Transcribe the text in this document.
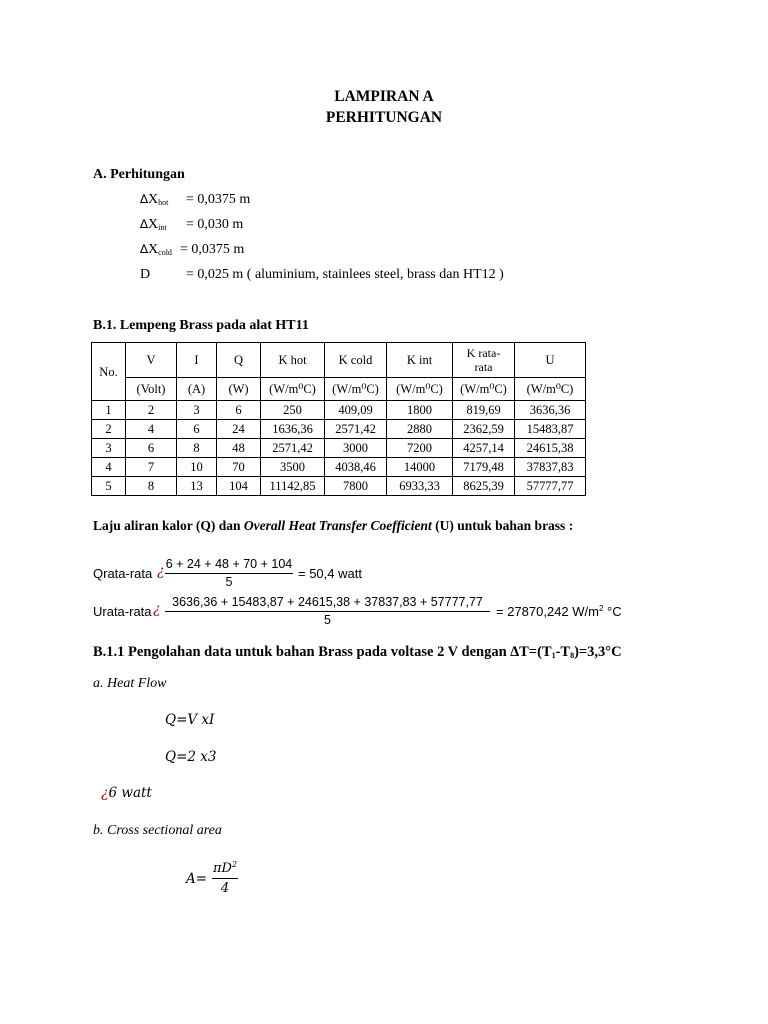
LAMPIRAN A
PERHITUNGAN
A. Perhitungan
$\Delta X_{hot} = 0,0375$ m
$\Delta X_{int} = 0,030$ m
$\Delta X_{cold} = 0,0375$ m
D	= 0,025 m ( aluminium, stainlees steel, brass dan HT12 )
B.1. Lempeng Brass pada alat HT11
No.	V	I	Q	K hot	K cold	K int	K rata-rata	U
	(Volt)	(A)	(W)	(W/m⁰C)	(W/m⁰C)	(W/m⁰C)	(W/m⁰C)	(W/m⁰C)
1	2	3	6	250	409,09	1800	819,69	3636,36
2	4	6	24	1636,36	2571,42	2880	2362,59	15483,87
3	6	8	48	2571,42	3000	7200	4257,14	24615,38
4	7	10	70	3500	4038,46	14000	7179,48	37837,83
5	8	13	104	11142,85	7800	6933,33	8625,39	57777,77
Laju aliran kalor (Q) dan Overall Heat Transfer Coefficient (U) untuk bahan brass :
Qrata-rata ¿ 6 + 24 + 48 + 70 + 104
5
= 50,4 watt
Urata-rata ¿ 3636,36 + 15483,87 + 24615,38 + 37837,83 + 57777,77
5
= 27870,242 $W/m^2$ °C
B.1.1 Pengolahan data untuk bahan Brass pada voltase 2 V dengan $\Delta T=(T_1-T_8)=3,3^\circ C$
a. Heat Flow
Q=V xI
Q=2 x3
¿6 watt
b. Cross sectional area
A=
$\pi D^2$
4
